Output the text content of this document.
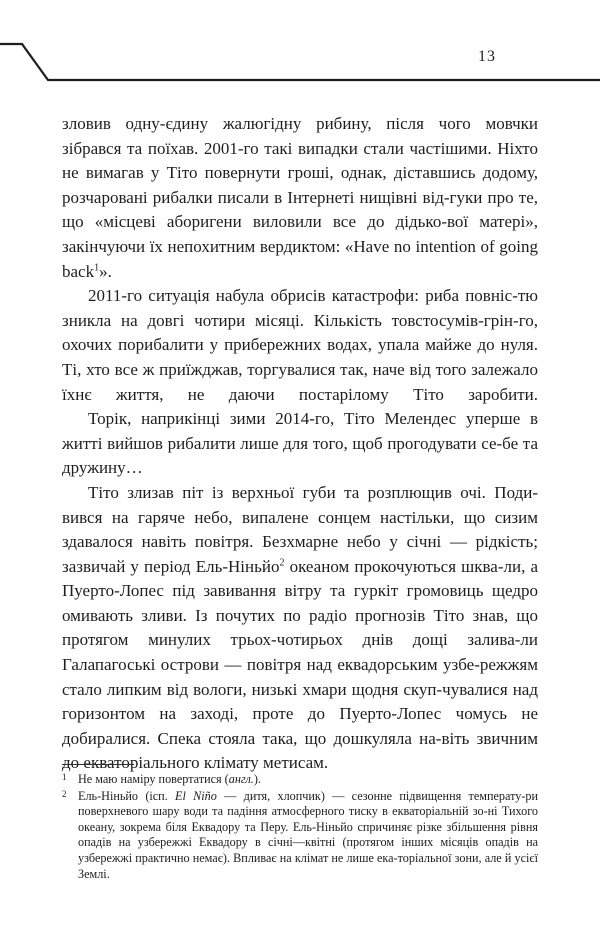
13

зловив одну-єдину жалюгідну рибину, після чого мовчки зібрався та поїхав. 2001-го такі випадки стали частішими. Ніхто не вимагав у Тіто повернути гроші, однак, діставшись додому, розчаровані рибалки писали в Інтернеті нищівні від-гуки про те, що «місцеві аборигени виловили все до дідько-вої матері», закінчуючи їх непохитним вердиктом: «Have no intention of going back$^1$».

2011-го ситуація набула обрисів катастрофи: риба повніс-тю зникла на довгі чотири місяці. Кількість товстосумів-грін-го, охочих порибалити у прибережних водах, упала майже до нуля. Ті, хто все ж приїжджав, торгувалися так, наче від того залежало їхнє життя, не даючи постарілому Тіто заробити.

Торік, наприкінці зими 2014-го, Тіто Мелендес уперше в житті вийшов рибалити лише для того, щоб прогодувати се-бе та дружину…

Тіто злизав піт із верхньої губи та розплющив очі. Поди-вився на гаряче небо, випалене сонцем настільки, що сизим здавалося навіть повітря. Безхмарне небо у січні — рідкість; зазвичай у період Ель-Ніньйо$^2$ океаном прокочуються шква-ли, а Пуерто-Лопес під завивання вітру та гуркіт громовиць щедро омивають зливи. Із почутих по радіо прогнозів Тіто знав, що протягом минулих трьох-чотирьох днів дощі залива-ли Галапагоські острови — повітря над еквадорським узбе-режжям стало липким від вологи, низькі хмари щодня скуп-чувалися над горизонтом на заході, проте до Пуерто-Лопес чомусь не добиралися. Спека стояла така, що дошкуляла на-віть звичним до екваторіального клімату метисам.

1 Не маю наміру повертатися (англ.).

2 Ель-Ніньйо (ісп. El Niño — дитя, хлопчик) — сезонне підвищення температу-ри поверхневого шару води та падіння атмосферного тиску в екваторіальній зо-ні Тихого океану, зокрема біля Еквадору та Перу. Ель-Ніньйо спричиняє різке збільшення рівня опадів на узбережжі Еквадору в січні—квітні (протягом інших місяців опадів на узбережжі практично немає). Впливає на клімат не лише ека-торіальної зони, але й усієї Землі.
